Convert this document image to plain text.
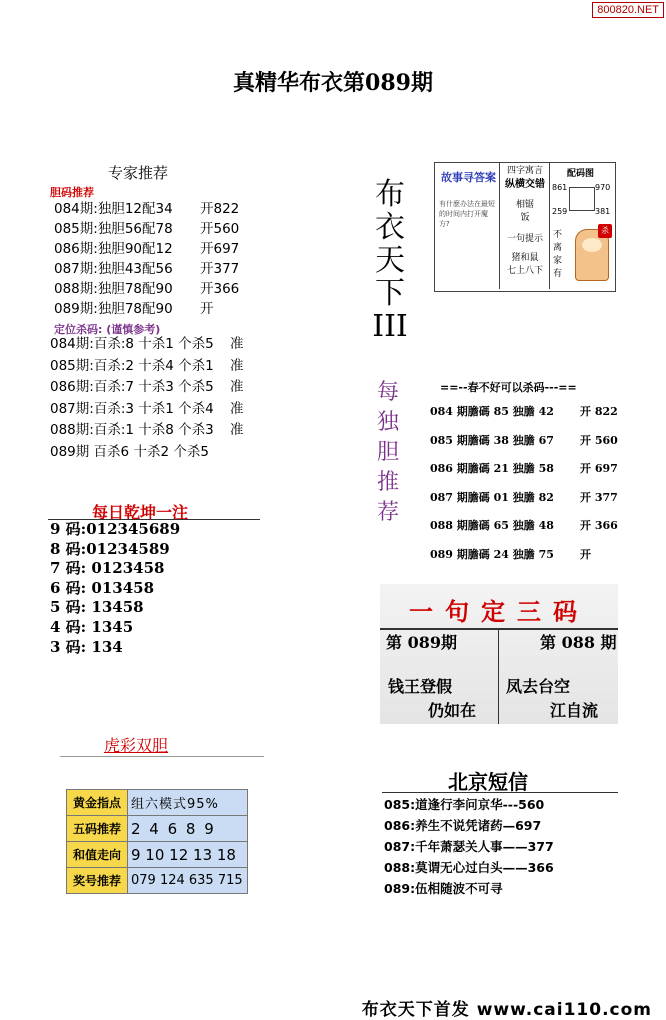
800820.NET
真精华布衣第089期
专家推荐
胆码推荐
084期:独胆12配34 开822
085期:独胆56配78 开560
086期:独胆90配12 开697
087期:独胆43配56 开377
088期:独胆78配90 开366
089期:独胆78配90 开
定位杀码: (谨慎参考)
084期:百杀:8 十杀1 个杀5 准
085期:百杀:2 十杀4 个杀1 准
086期:百杀:7 十杀3 个杀5 准
087期:百杀:3 十杀1 个杀4 准
088期:百杀:1 十杀8 个杀3 准
089期 百杀6 十杀2 个杀5
每日乾坤一注
9 码:012345689
8 码:01234589
7 码: 0123458
6 码: 013458
5 码: 13458
4 码: 1345
3 码: 134
虎彩双胆
黄金指点	组六模式95%
五码推荐	2 4 6 8 9
和值走向	9 10 12 13 18
奖号推荐	079 124 635 715
布
衣
天
下
III
故事寻答案
有什麽办法在最短的时间内打开魔方?
四字寓言
纵横交错
相锯
饭
一句提示
猪和鼠
七上八下
配码图
861	970
259	381
不
离
家
有
杀
每
独
胆
推
荐
==--春不好可以杀码---==
084 期膽碼 85 独膽 42 开 822
085 期膽碼 38 独膽 67 开 560
086 期膽碼 21 独膽 58 开 697
087 期膽碼 01 独膽 82 开 377
088 期膽碼 65 独膽 48 开 366
089 期膽碼 24 独膽 75 开
一句定三码
第 089期	第 088 期
钱王登假
仍如在
凤去台空
江自流
北京短信
085:道逢行李问京华---560
086:养生不说凭诸药—697
087:千年萧瑟关人事——377
088:莫谓无心过白头——366
089:伍相随波不可寻
布衣天下首发 www.cai110.com
